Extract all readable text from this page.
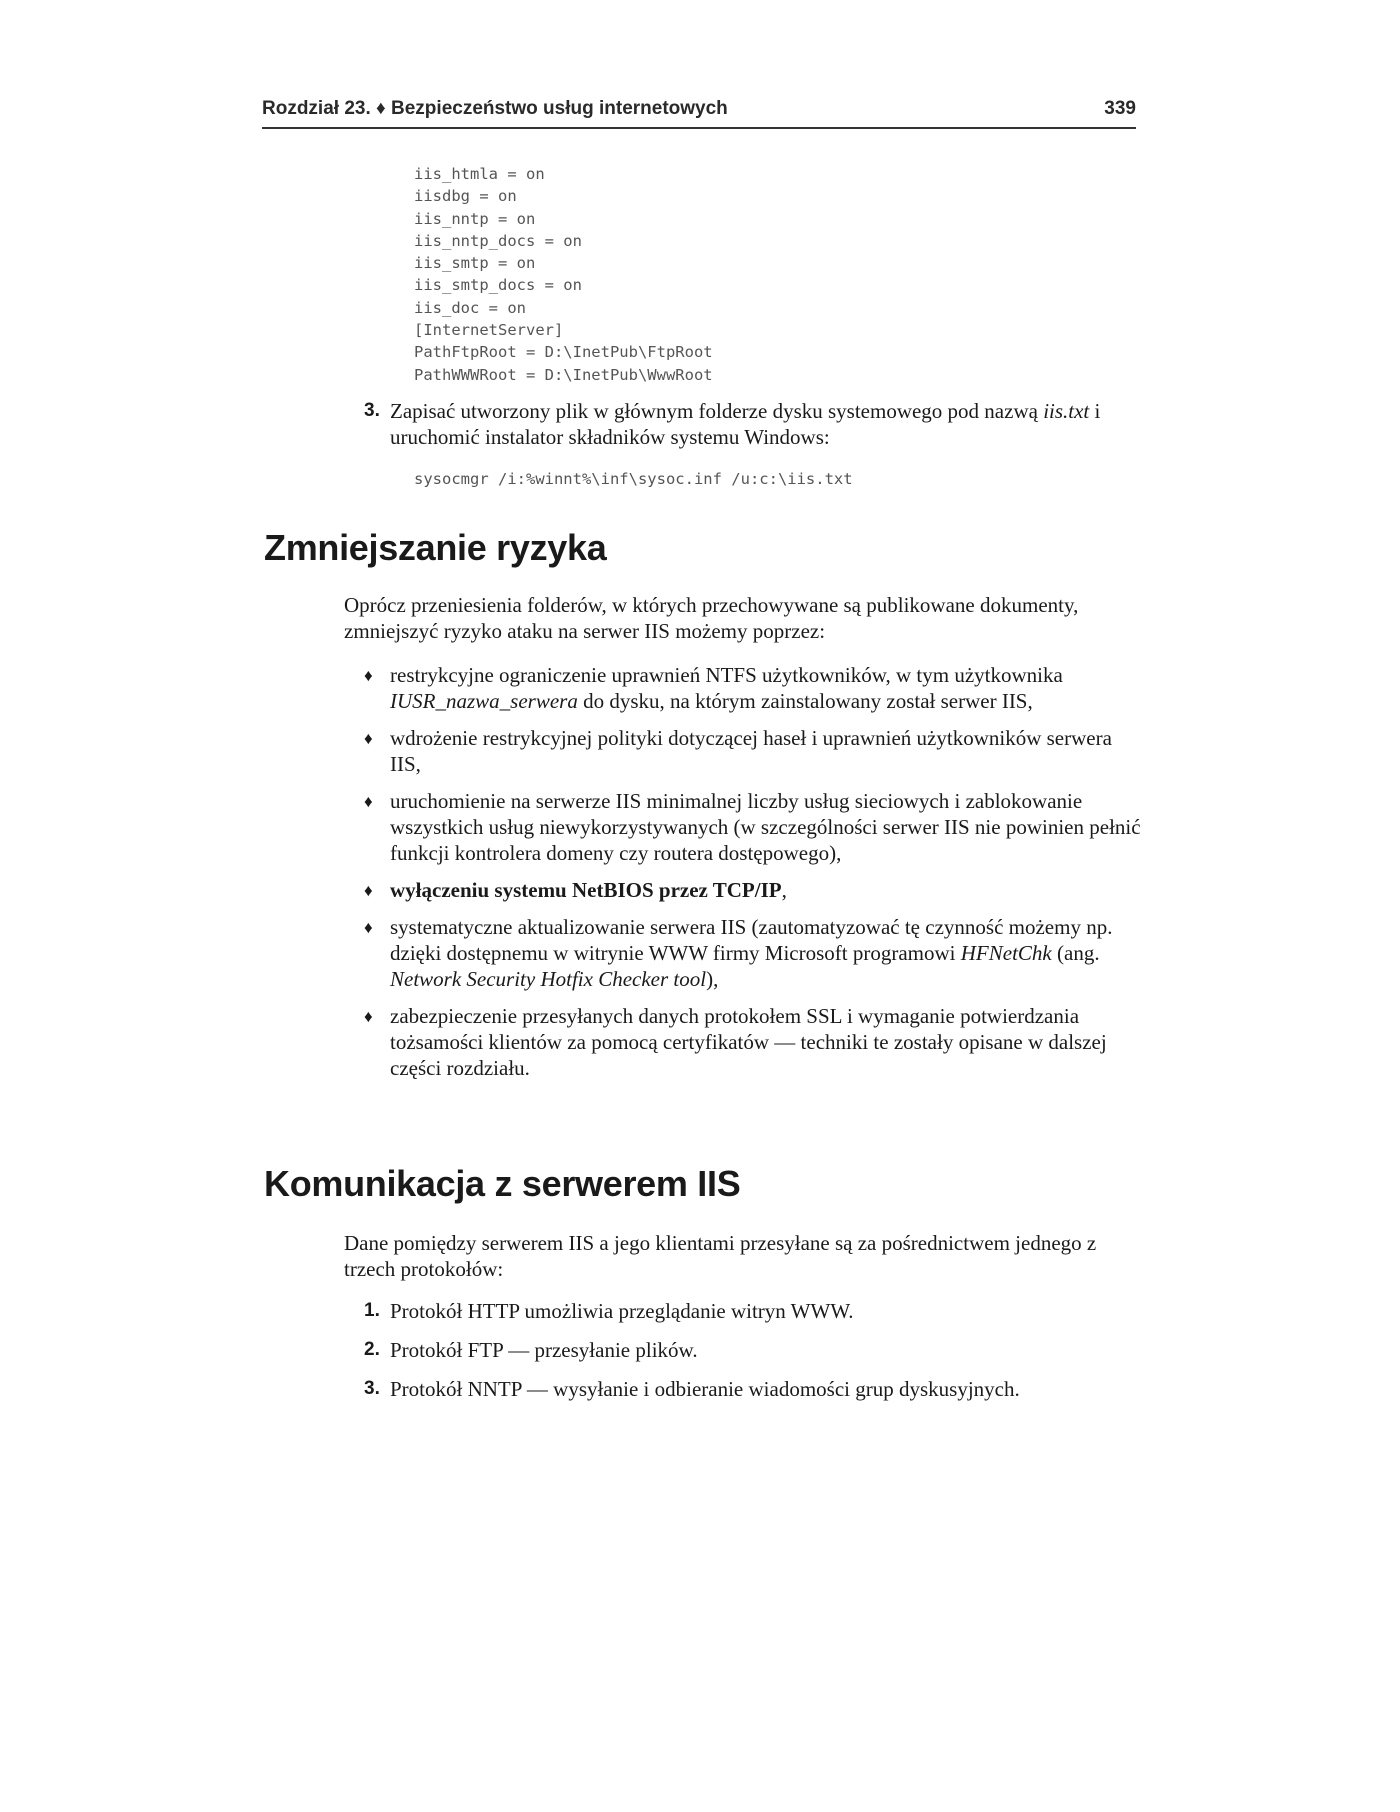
Rozdział 23. ♦ Bezpieczeństwo usług internetowych	339
iis_htmla = on
iisdbg = on
iis_nntp = on
iis_nntp_docs = on
iis_smtp = on
iis_smtp_docs = on
iis_doc = on
[InternetServer]
PathFtpRoot = D:\InetPub\FtpRoot
PathWWWRoot = D:\InetPub\WwwRoot
3. Zapisać utworzony plik w głównym folderze dysku systemowego pod nazwą iis.txt i uruchomić instalator składników systemu Windows:
sysocmgr /i:%winnt%\inf\sysoc.inf /u:c:\iis.txt
Zmniejszanie ryzyka

Oprócz przeniesienia folderów, w których przechowywane są publikowane dokumenty, zmniejszyć ryzyko ataku na serwer IIS możemy poprzez:

♦ restrykcyjne ograniczenie uprawnień NTFS użytkowników, w tym użytkownika IUSR_nazwa_serwera do dysku, na którym zainstalowany został serwer IIS,
♦ wdrożenie restrykcyjnej polityki dotyczącej haseł i uprawnień użytkowników serwera IIS,
♦ uruchomienie na serwerze IIS minimalnej liczby usług sieciowych i zablokowanie wszystkich usług niewykorzystywanych (w szczególności serwer IIS nie powinien pełnić funkcji kontrolera domeny czy routera dostępowego),
♦ wyłączeniu systemu NetBIOS przez TCP/IP,
♦ systematyczne aktualizowanie serwera IIS (zautomatyzować tę czynność możemy np. dzięki dostępnemu w witrynie WWW firmy Microsoft programowi HFNetChk (ang. Network Security Hotfix Checker tool),
♦ zabezpieczenie przesyłanych danych protokołem SSL i wymaganie potwierdzania tożsamości klientów za pomocą certyfikatów — techniki te zostały opisane w dalszej części rozdziału.
Komunikacja z serwerem IIS

Dane pomiędzy serwerem IIS a jego klientami przesyłane są za pośrednictwem jednego z trzech protokołów:

1. Protokół HTTP umożliwia przeglądanie witryn WWW.
2. Protokół FTP — przesyłanie plików.
3. Protokół NNTP — wysyłanie i odbieranie wiadomości grup dyskusyjnych.
